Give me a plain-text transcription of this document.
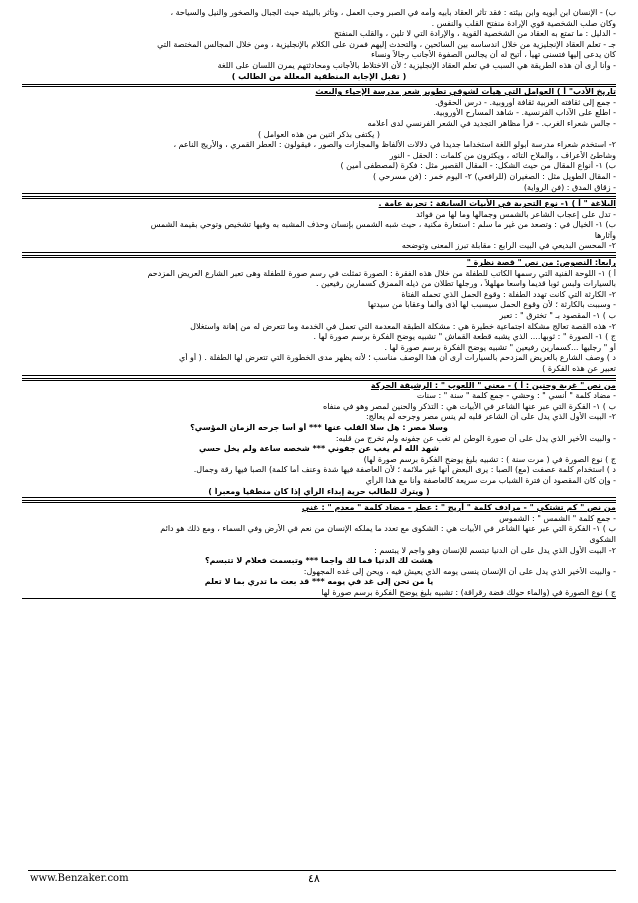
ب) - الإنسان ابن أبويه وابن بيئته : فقد تأثر العقاد بأبيه وأمه في الصبر وحب العمل ، وتأثر بالبيئة حيث الجبال والصخور والنيل والسياحة ،
وكان صلب الشخصية قوي الإرادة منفتح القلب والنفس .
- الدليل : ما تمتع به العقاد من الشخصية القوية ، والإرادة التي لا تلين ، والقلب المنفتح
جـ - تعلم العقاد الإنجليزية من خلال اندساسه بين السائحين ، والتحدث إليهم فمرن على الكلام بالإنجليزية ، ومن خلال المجالس المختصة التي
كان يدعى إليها فتسنى تهيأ ، أتيح له أن يجالس الصفوة الأجانب رجالاً ونساء
- وأنا أرى أن هذه الطريقة هي السبب في تعلم العقاد الإنجليزية ؛ لأن الاختلاط بالأجانب ومحادثتهم يمرن اللسان على اللغة
( تقبل الإجابة المنطقية المعللة من الطالب )
تاريخ الأدب" أ ) العوامل التي هيأت لشوقي تطوير شعر مدرسة الإحياء والبعث
- جمع إلى ثقافته العربية ثقافة أوروبية. - درس الحقوق.
- اطلع على الآداب الفرنسية. - شاهد المسارح الأوروبية.
- جالس شعراء الغرب. - قرأ مظاهر التجديد في الشعر الفرنسي لدى أعلامه
( يكتفى بذكر اثنين من هذه العوامل )
٢- استخدم شعراء مدرسة أبولو اللغة استخداماً جديداً في دلالات الألفاظ والمجازات والصور ، فيقولون : العطر القمري ، والأريج الناعم ،
وشاطئ الأعراف ، والملاح التائه ، ويكثرون من كلمات : الحقل - النور
ب) ١- أنواع المقال من حيث الشكل: - المقال القصير مثل : فكرة (لمصطفى أمين )
- المقال الطويل مثل : الصغيران (للرافعي) ٢- اليوم خمر : (فن مسرحي )
- زقاق المدق : (فن الرواية)
البلاغة " أ ) ١- نوع التجربة في الأبيات السابقة : تجربة عامة .
- تدل على إعجاب الشاعر بالشمس وجمالها وما لها من فوائد
ب) ١- الخيال في : وتصعد من غير ما سلم : استعارة مكنية ، حيث شبه الشمس بإنسان وحذف المشبه به وفيها تشخيص وتوحي بقيمة الشمس
وآثارها
٢- المحسن البديعي في البيت الرابع : مقابلة تبرز المعنى وتوضحه
رابعاً: النصوص: من نص " قصة نظرة "
أ ) ١- اللوحة الفنية التي رسمها الكاتب للطفلة من خلال هذه الفقرة : الصورة تمثلت في رسم صورة للطفلة وهى تعبر الشارع العريض المزدحم
بالسيارات ولبس ثوباً قديماً واسعاً مهلهلاً ، ورجلها تطلان من ذيله الممزق كسمارين رفيعين .
٢- الكارثة التي كانت تهدد الطفلة : وقوع الحمل الذي تحمله الفتاة
- وسببت بالكارثة ؛ لأن وقوع الحمل سيسبب لها أذى وألماً وعقاباً من سيدتها
ب ) ١- المقصود بـ " تخترق " : تعبر
٢- هذه القصة تعالج مشكلة اجتماعية خطيرة هي : مشكلة الطبقة المعدمة التي تعمل في الخدمة وما تتعرض له من إهانة واستغلال
ج ) ١- الصورة " : ثوبها.... الذي يشبه قطعة القماش " تشبيه يوضح الفكرة برسم صورة لها .
أو " رجليها ...كسمارين رفيعين " تشبيه يوضح الفكرة برسم صورة لها .
د ) وصف الشارع بالعريض المزدحم بالسيارات أرى أن هذا الوصف مناسب ؛ لأنه يظهر مدى الخطورة التي تتعرض لها الطفلة . ( أو أي
تعبير عن هذه الفكرة )
من نص " غربة وحنين : أ ) - معنى " اللعوب " : الرشيقة الحركة
- مضاد كلمة " أنسي " : وحشي - جمع كلمة " سنة " : سنات
ب ) ١- الفكرة التي عبر عنها الشاعر في الأبيات هي : التذكر والحنين لمصر وهو في منفاه
٢- البيت الأول الذي يدل على أن الشاعر قلبه لم ينس مصر وجرحه لم يعالج:
وسلا مصر : هل سلا القلب عنها *** أو أسا جرحه الزمان المؤسي؟
- والبيت الأخير الذي يدل على أن صورة الوطن لم تغب عن جفونه ولم تخرج من قلبه:
شهد الله لم يغب عن جفوني *** شخصه ساعة ولم يخل حسي
ج ) نوع الصورة في ( مرت سنة ) : تشبيه بليغ يوضح الفكرة برسم صورة لها)
د ) استخدام كلمة عصفت (مع) الصبا : يرى البعض أنها غير ملائمة ؛ لأن العاصفة فيها شدة وعنف أما كلمة) الصبا فيها رقة وجمال.
- وإن كان المقصود أن فترة الشباب مرت سريعة كالعاصفة وأنا مع هذا الرأي
( ويترك للطالب حرية إبداء الرأي إذا كان منطقياً ومعبراً )
من نص " كم تشتكي " - مرادف كلمة " أريج " : عطر - مضاد كلمة " معدم " : غني
- جمع كلمة " الشمس " : الشموس
ب ) ١- الفكرة التي عبر عنها الشاعر في الأبيات هي : الشكوى مع تعدد ما يملكه الإنسان من نعم في الأرض وفي السماء ، ومع ذلك هو دائم
الشكوى
٢- البيت الأول الذي يدل على أن الدنيا تبتسم للإنسان وهو واجم لا يبتسم :
هشت لك الدنيا فما لك واجما *** وتبسمت فعلام لا تتبسم؟
- والبيت الأخير الذي يدل على أن الإنسان ينسى يومه الذي يعيش فيه ، ويحن إلى غده المجهول:
يا من تحن إلى غد في يومه *** قد بعت ما تدري بما لا تعلم
ج ) نوع الصورة في (والماء حولك فضة رقراقة) : تشبيه بليغ يوضح الفكرة برسم صورة لها
www.Benzaker.com	٤٨
